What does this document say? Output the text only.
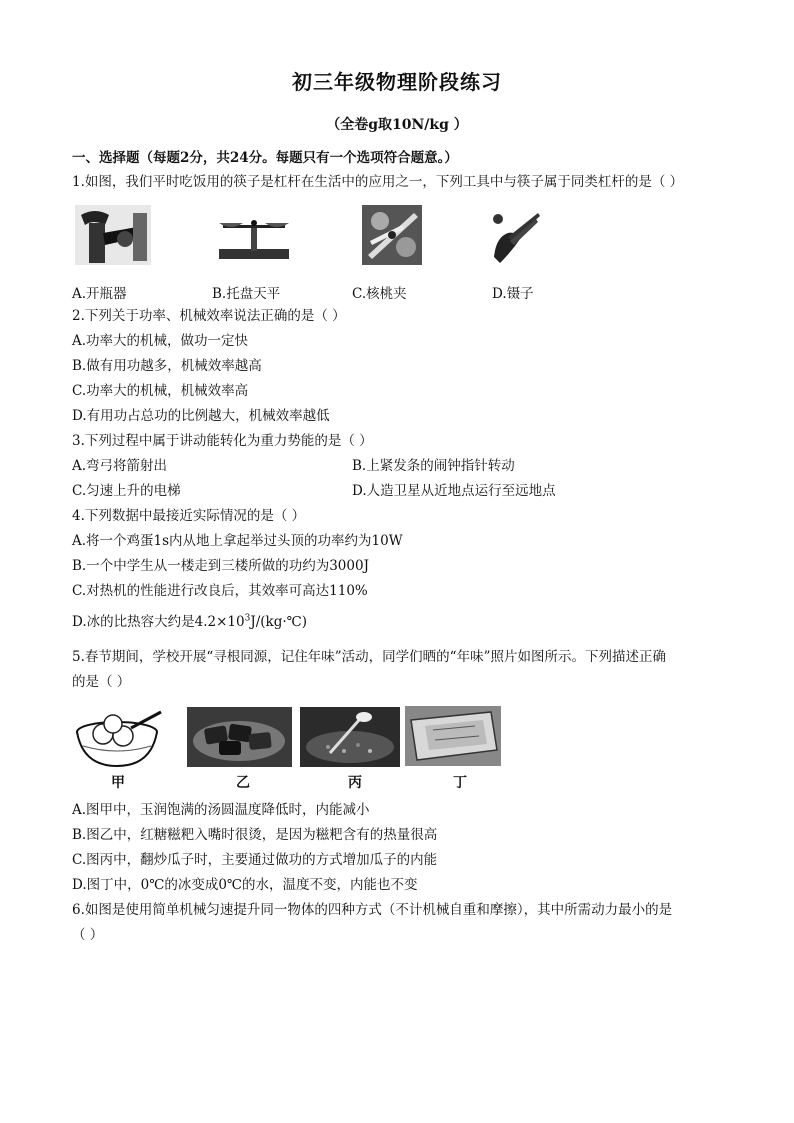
初三年级物理阶段练习
（全卷g取10N/kg ）
一、选择题（每题2分，共24分。每题只有一个选项符合题意。）
1.如图，我们平时吃饭用的筷子是杠杆在生活中的应用之一，下列工具中与筷子属于同类杠杆的是（ ）
A.开瓶器	B.托盘天平	C.核桃夹	D.镊子
2.下列关于功率、机械效率说法正确的是（ ）
A.功率大的机械，做功一定快
B.做有用功越多，机械效率越高
C.功率大的机械，机械效率高
D.有用功占总功的比例越大，机械效率越低
3.下列过程中属于讲动能转化为重力势能的是（ ）
A.弯弓将箭射出	B.上紧发条的闹钟指针转动
C.匀速上升的电梯	D.人造卫星从近地点运行至远地点
4.下列数据中最接近实际情况的是（ ）
A.将一个鸡蛋1s内从地上拿起举过头顶的功率约为10W
B.一个中学生从一楼走到三楼所做的功约为3000J
C.对热机的性能进行改良后，其效率可高达110%
D.冰的比热容大约是$4.2\times 10^3J/(kg\cdot℃)$
5.春节期间，学校开展“寻根同源，记住年味”活动，同学们晒的“年味”照片如图所示。下列描述正确
的是（ ）
甲	乙	丙	丁
A.图甲中，玉润饱满的汤圆温度降低时，内能减小
B.图乙中，红糖糍粑入嘴时很烫，是因为糍粑含有的热量很高
C.图丙中，翻炒瓜子时，主要通过做功的方式增加瓜子的内能
D.图丁中，0℃的冰变成0℃的水，温度不变，内能也不变
6.如图是使用简单机械匀速提升同一物体的四种方式（不计机械自重和摩擦），其中所需动力最小的是
（ ）
